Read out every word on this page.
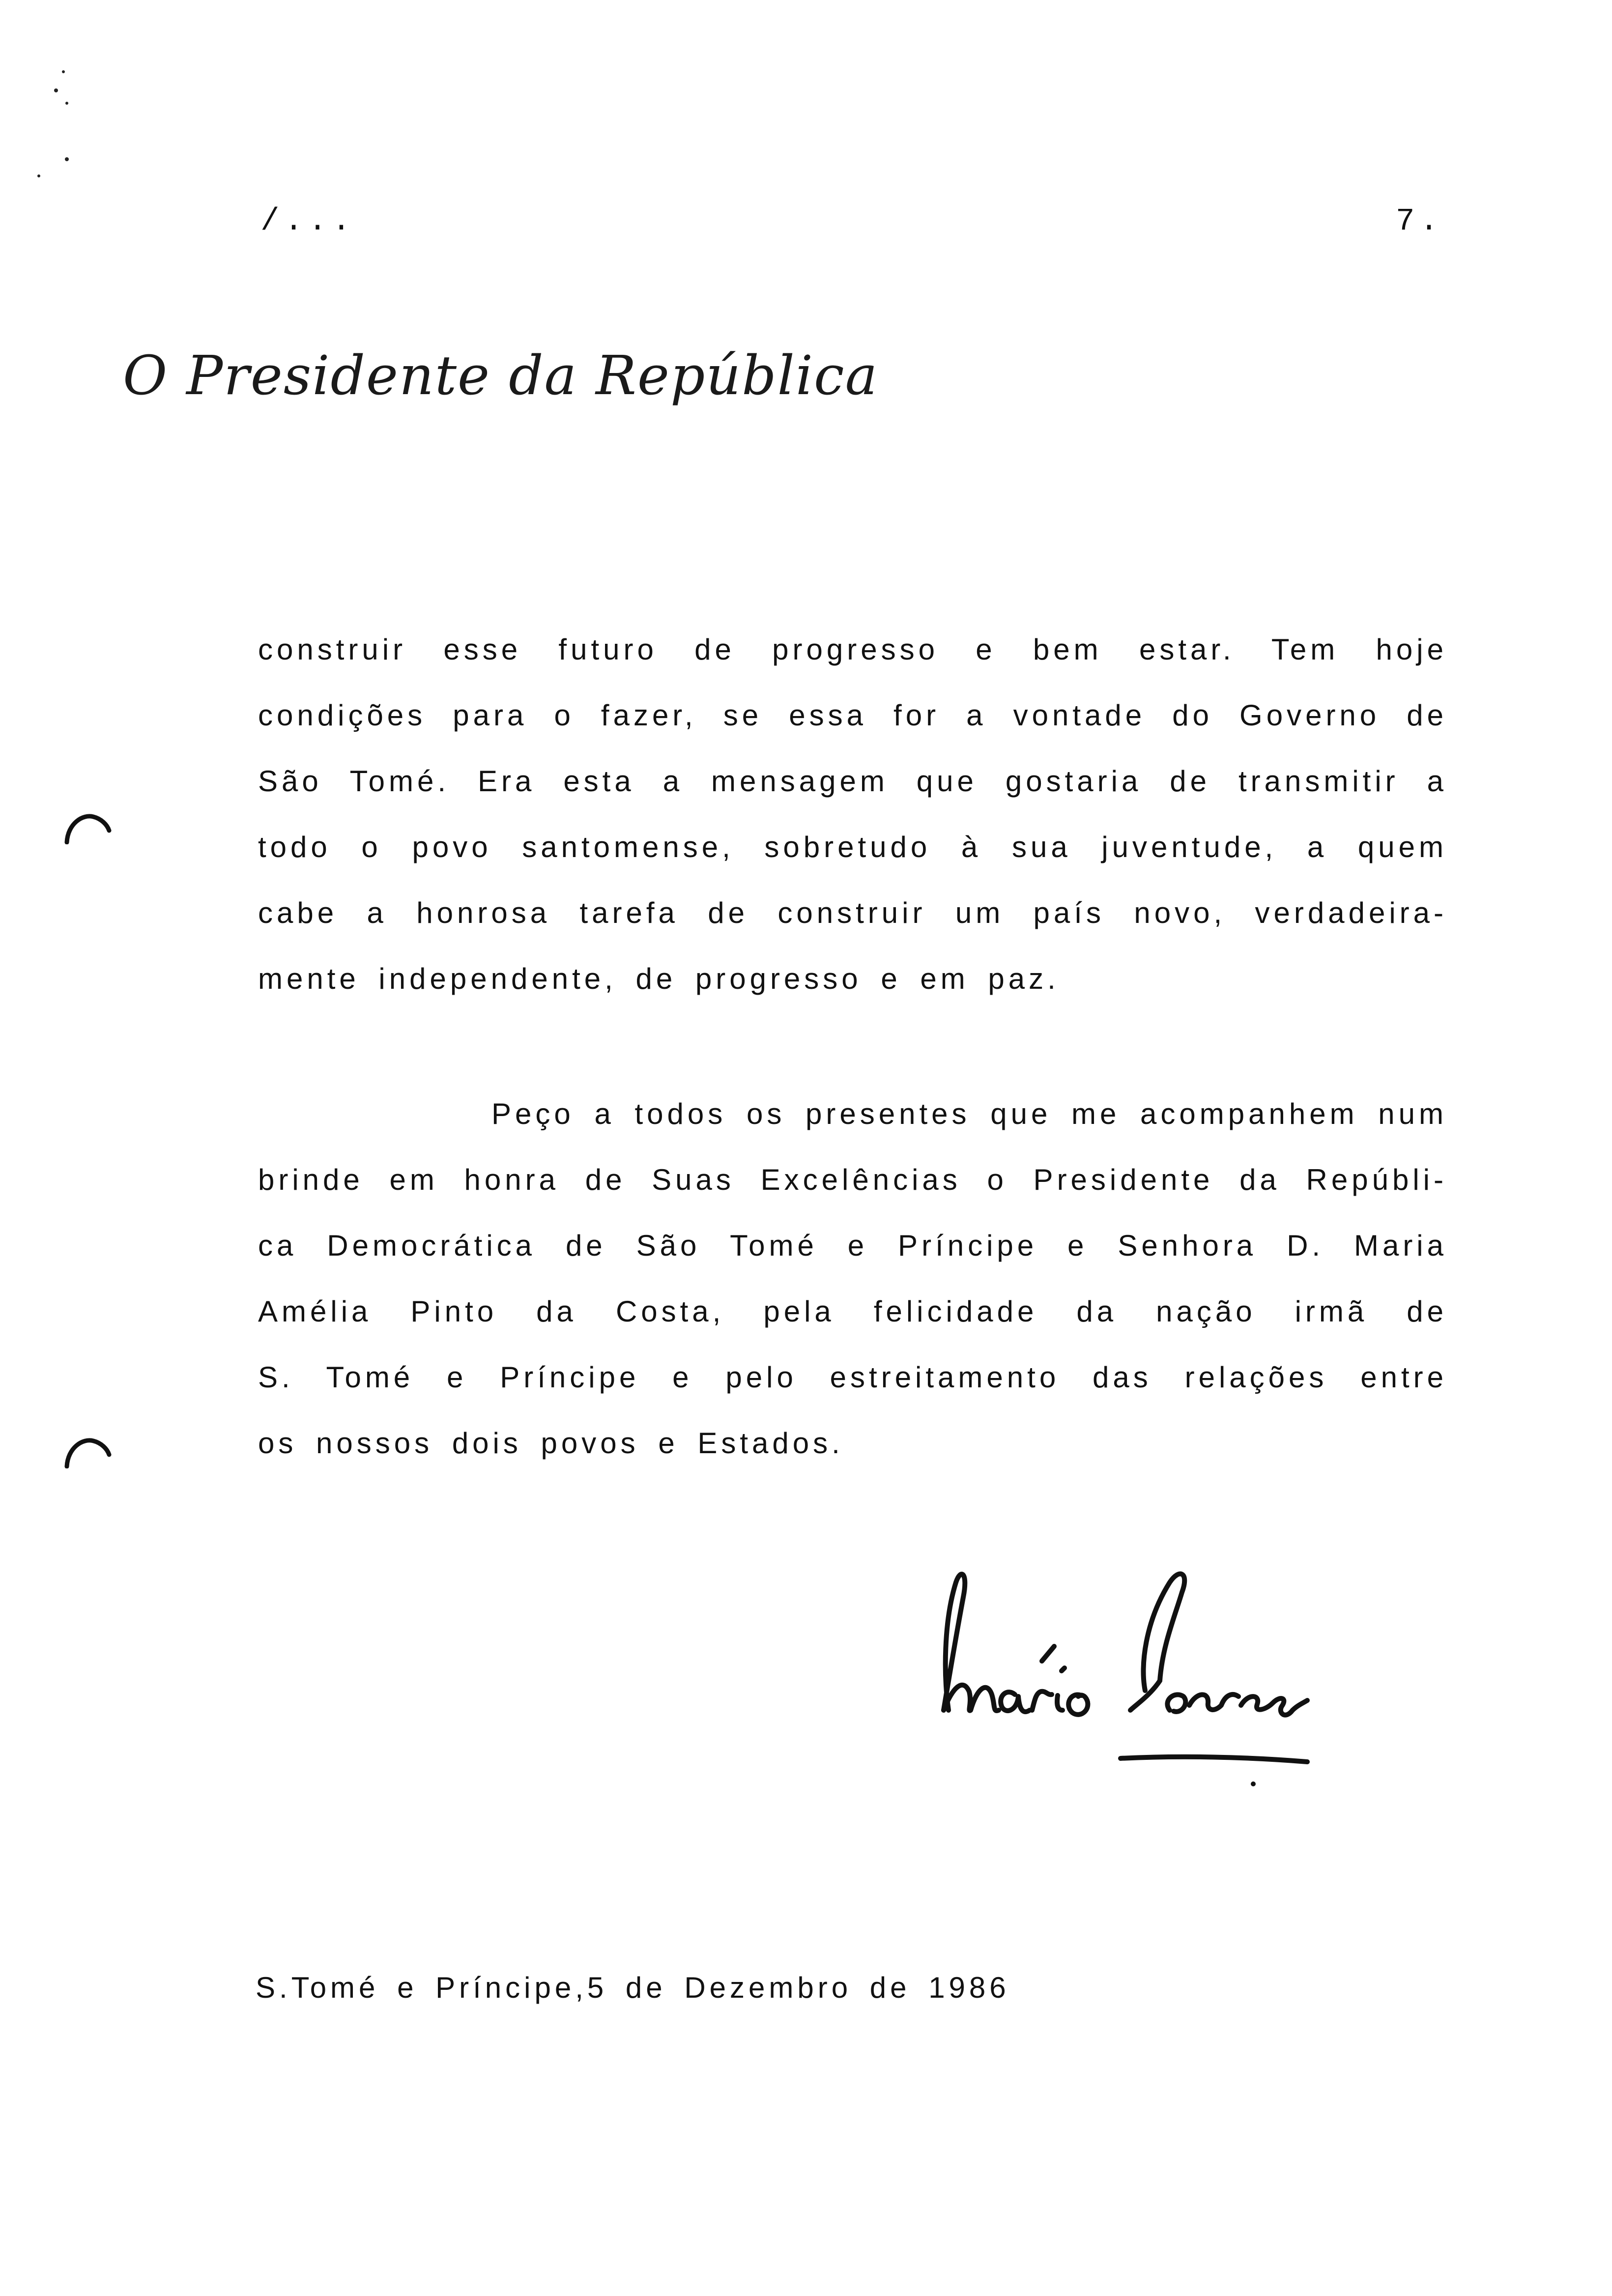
/...	7.
O Presidente da República
construir esse futuro de progresso e bem estar. Tem hoje
condições para o fazer, se essa for a vontade do Governo de
São Tomé. Era esta a mensagem que gostaria de transmitir a
todo o povo santomense, sobretudo à sua juventude, a quem
cabe a honrosa tarefa de construir um país novo, verdadeira-
mente independente, de progresso e em paz.
Peço a todos os presentes que me acompanhem num
brinde em honra de Suas Excelências o Presidente da Repúbli-
ca Democrática de São Tomé e Príncipe e Senhora D. Maria
Amélia Pinto da Costa, pela felicidade da nação irmã de
S. Tomé e Príncipe e pelo estreitamento das relações entre
os nossos dois povos e Estados.
S.Tomé e Príncipe,5 de Dezembro de 1986
